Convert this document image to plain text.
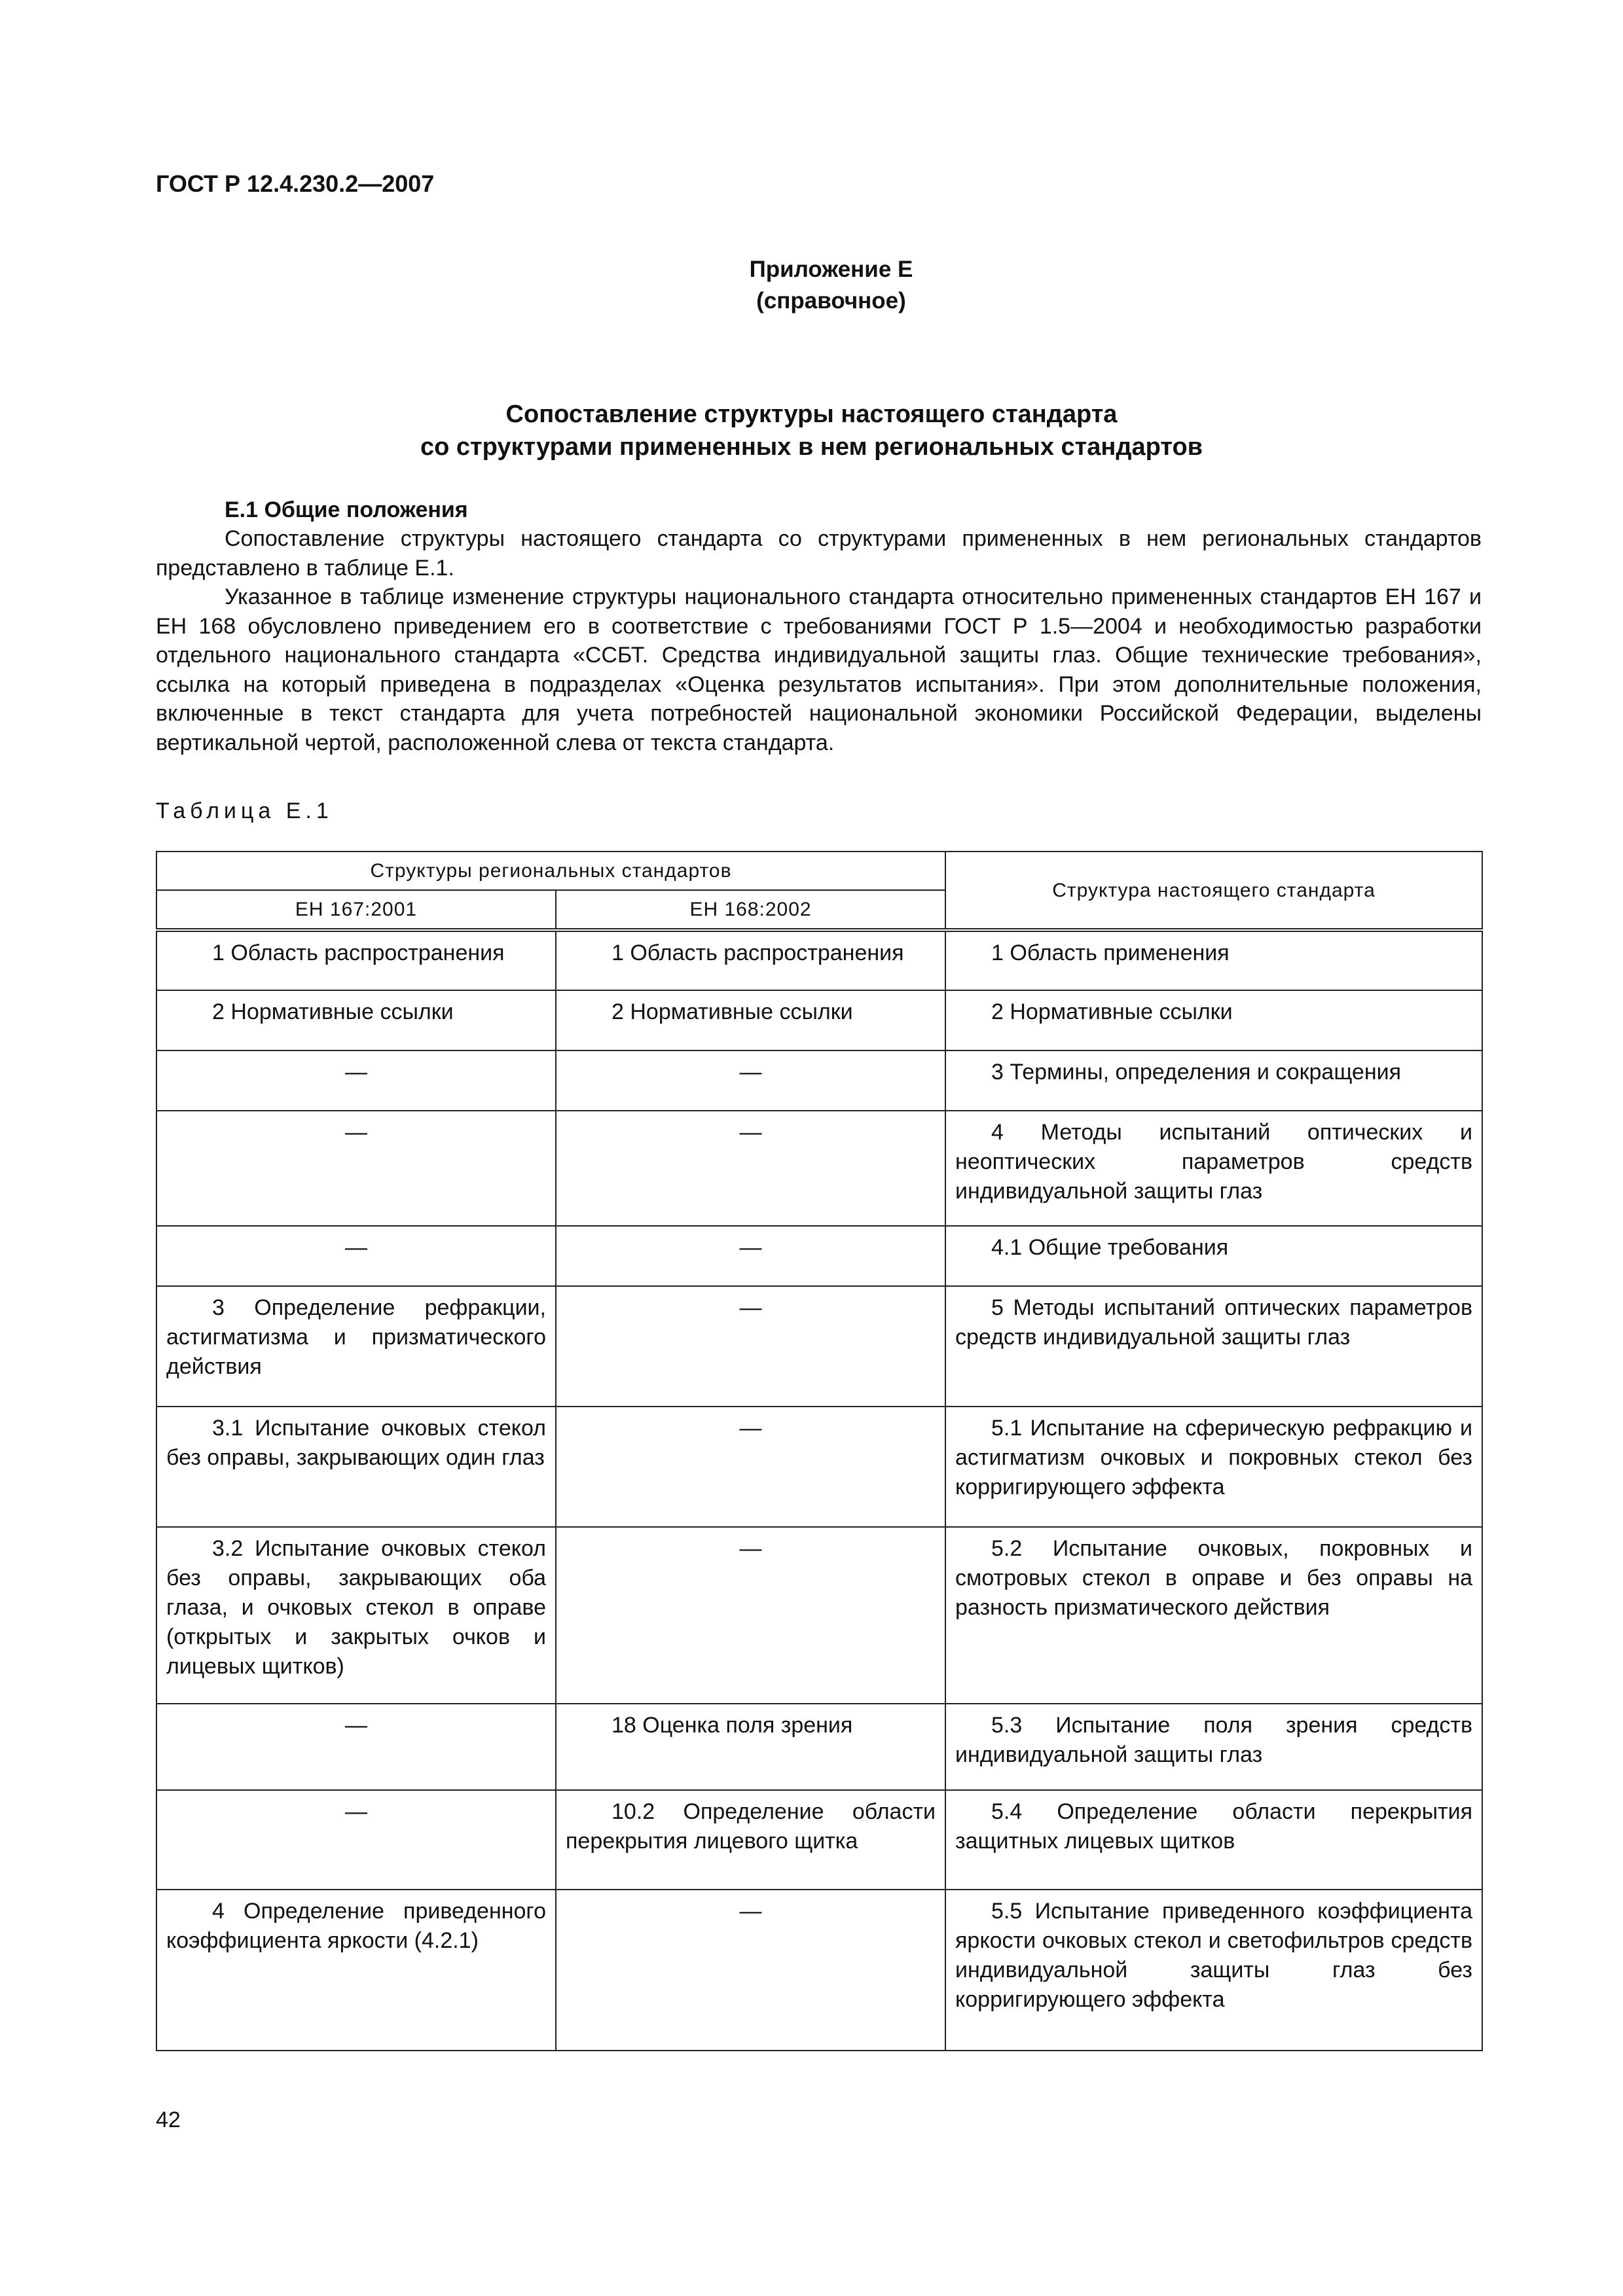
ГОСТ Р 12.4.230.2—2007
Приложение Е
(справочное)
Сопоставление структуры настоящего стандарта
со структурами примененных в нем региональных стандартов
Е.1 Общие положения

Сопоставление структуры настоящего стандарта со структурами примененных в нем региональных стандартов представлено в таблице Е.1.

Указанное в таблице изменение структуры национального стандарта относительно примененных стандартов ЕН 167 и ЕН 168 обусловлено приведением его в соответствие с требованиями ГОСТ Р 1.5—2004 и необходимостью разработки отдельного национального стандарта «ССБТ. Средства индивидуальной защиты глаз. Общие технические требования», ссылка на который приведена в подразделах «Оценка результатов испытания». При этом дополнительные положения, включенные в текст стандарта для учета потребностей национальной экономики Российской Федерации, выделены вертикальной чертой, расположенной слева от текста стандарта.

Таблица Е.1
Структуры региональных стандартов		Структура настоящего стандарта
ЕН 167:2001	ЕН 168:2002	
1 Область распространения	1 Область распространения	1 Область применения
2 Нормативные ссылки	2 Нормативные ссылки	2 Нормативные ссылки
—	—	3 Термины, определения и сокращения
—	—	4 Методы испытаний оптических и неоптических параметров средств индивидуальной защиты глаз
—	—	4.1 Общие требования
3 Определение рефракции, астигматизма и призматического действия	—	5 Методы испытаний оптических параметров средств индивидуальной защиты глаз
3.1 Испытание очковых стекол без оправы, закрывающих один глаз	—	5.1 Испытание на сферическую рефракцию и астигматизм очковых и покровных стекол без корригирующего эффекта
3.2 Испытание очковых стекол без оправы, закрывающих оба глаза, и очковых стекол в оправе (открытых и закрытых очков и лицевых щитков)	—	5.2 Испытание очковых, покровных и смотровых стекол в оправе и без оправы на разность призматического действия
—	18 Оценка поля зрения	5.3 Испытание поля зрения средств индивидуальной защиты глаз
—	10.2 Определение области перекрытия лицевого щитка	5.4 Определение области перекрытия защитных лицевых щитков
4 Определение приведенного коэффициента яркости (4.2.1)	—	5.5 Испытание приведенного коэффициента яркости очковых стекол и светофильтров средств индивидуальной защиты глаз без корригирующего эффекта
42
